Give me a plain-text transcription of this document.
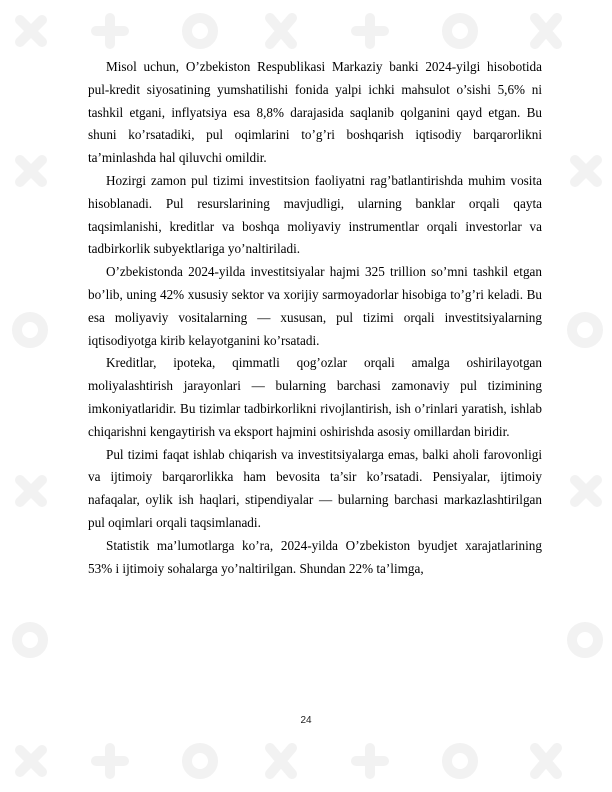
Misol uchun, O’zbekiston Respublikasi Markaziy banki 2024-yilgi hisobotida pul-kredit siyosatining yumshatilishi fonida yalpi ichki mahsulot o’sishi 5,6% ni tashkil etgani, inflyatsiya esa 8,8% darajasida saqlanib qolganini qayd etgan. Bu shuni ko’rsatadiki, pul oqimlarini to’g’ri boshqarish iqtisodiy barqarorlikni ta’minlashda hal qiluvchi omildir.

Hozirgi zamon pul tizimi investitsion faoliyatni rag’batlantirishda muhim vosita hisoblanadi. Pul resurslarining mavjudligi, ularning banklar orqali qayta taqsimlanishi, kreditlar va boshqa moliyaviy instrumentlar orqali investorlar va tadbirkorlik subyektlariga yo’naltiriladi.

O’zbekistonda 2024-yilda investitsiyalar hajmi 325 trillion so’mni tashkil etgan bo’lib, uning 42% xususiy sektor va xorijiy sarmoyadorlar hisobiga to’g’ri keladi. Bu esa moliyaviy vositalarning — xususan, pul tizimi orqali investitsiyalarning iqtisodiyotga kirib kelayotganini ko’rsatadi.

Kreditlar, ipoteka, qimmatli qog’ozlar orqali amalga oshirilayotgan moliyalashtirish jarayonlari — bularning barchasi zamonaviy pul tizimining imkoniyatlaridir. Bu tizimlar tadbirkorlikni rivojlantirish, ish o’rinlari yaratish, ishlab chiqarishni kengaytirish va eksport hajmini oshirishda asosiy omillardan biridir.

Pul tizimi faqat ishlab chiqarish va investitsiyalarga emas, balki aholi farovonligi va ijtimoiy barqarorlikka ham bevosita ta’sir ko’rsatadi. Pensiyalar, ijtimoiy nafaqalar, oylik ish haqlari, stipendiyalar — bularning barchasi markazlashtirilgan pul oqimlari orqali taqsimlanadi.

Statistik ma’lumotlarga ko’ra, 2024-yilda O’zbekiston byudjet xarajatlarining 53% i ijtimoiy sohalarga yo’naltirilgan. Shundan 22% ta’limga,

24
